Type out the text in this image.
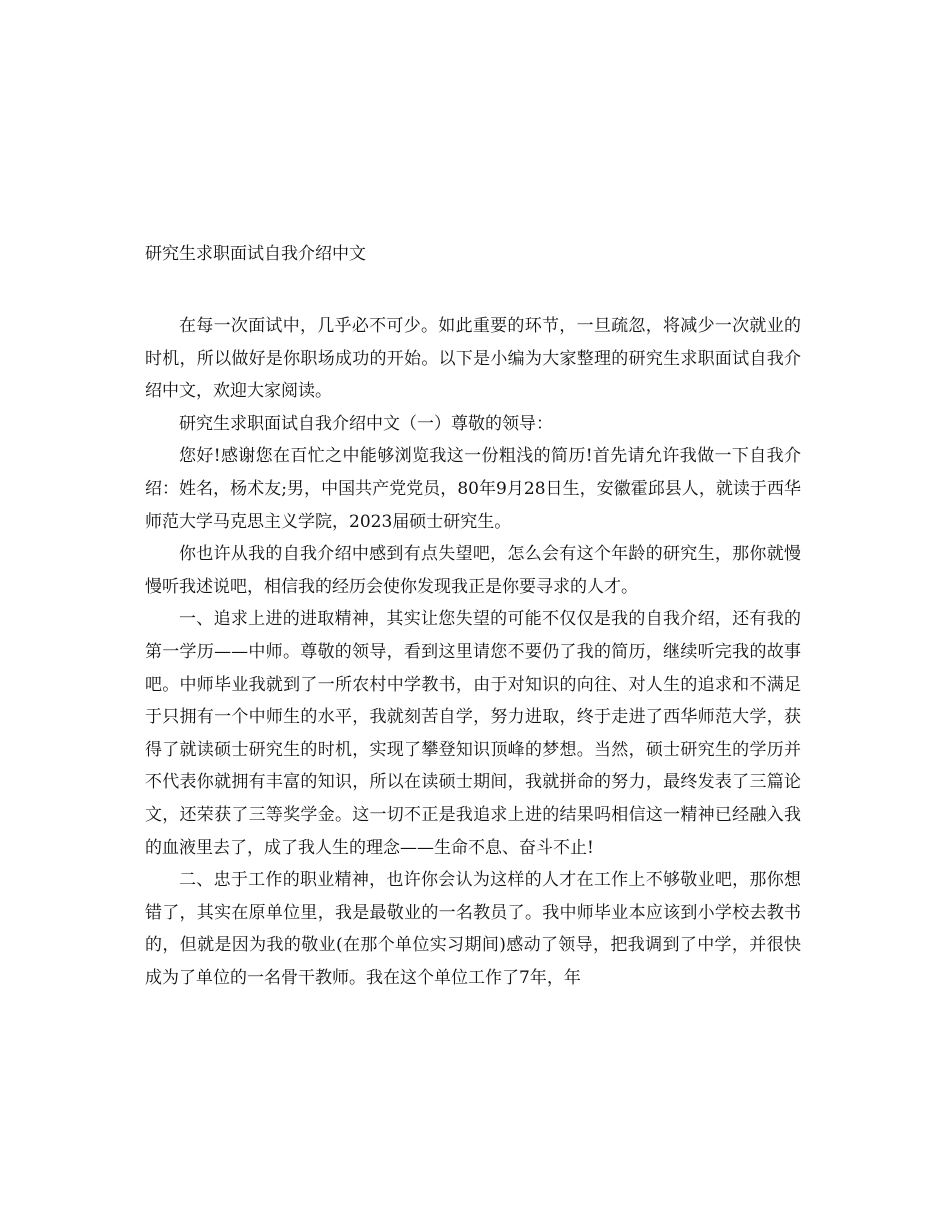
研究生求职面试自我介绍中文

在每一次面试中，几乎必不可少。如此重要的环节，一旦疏忽，将减少一次就业的时机，所以做好是你职场成功的开始。以下是小编为大家整理的研究生求职面试自我介绍中文，欢迎大家阅读。

研究生求职面试自我介绍中文（一）尊敬的领导：

您好!感谢您在百忙之中能够浏览我这一份粗浅的简历!首先请允许我做一下自我介绍：姓名，杨术友;男，中国共产党党员，80年9月28日生，安徽霍邱县人，就读于西华师范大学马克思主义学院，2023届硕士研究生。

你也许从我的自我介绍中感到有点失望吧，怎么会有这个年龄的研究生，那你就慢慢听我述说吧，相信我的经历会使你发现我正是你要寻求的人才。

一、追求上进的进取精神，其实让您失望的可能不仅仅是我的自我介绍，还有我的第一学历——中师。尊敬的领导，看到这里请您不要仍了我的简历，继续听完我的故事吧。中师毕业我就到了一所农村中学教书，由于对知识的向往、对人生的追求和不满足于只拥有一个中师生的水平，我就刻苦自学，努力进取，终于走进了西华师范大学，获得了就读硕士研究生的时机，实现了攀登知识顶峰的梦想。当然，硕士研究生的学历并不代表你就拥有丰富的知识，所以在读硕士期间，我就拼命的努力，最终发表了三篇论文，还荣获了三等奖学金。这一切不正是我追求上进的结果吗相信这一精神已经融入我的血液里去了，成了我人生的理念——生命不息、奋斗不止!

二、忠于工作的职业精神，也许你会认为这样的人才在工作上不够敬业吧，那你想错了，其实在原单位里，我是最敬业的一名教员了。我中师毕业本应该到小学校去教书的，但就是因为我的敬业(在那个单位实习期间)感动了领导，把我调到了中学，并很快成为了单位的一名骨干教师。我在这个单位工作了7年，年
